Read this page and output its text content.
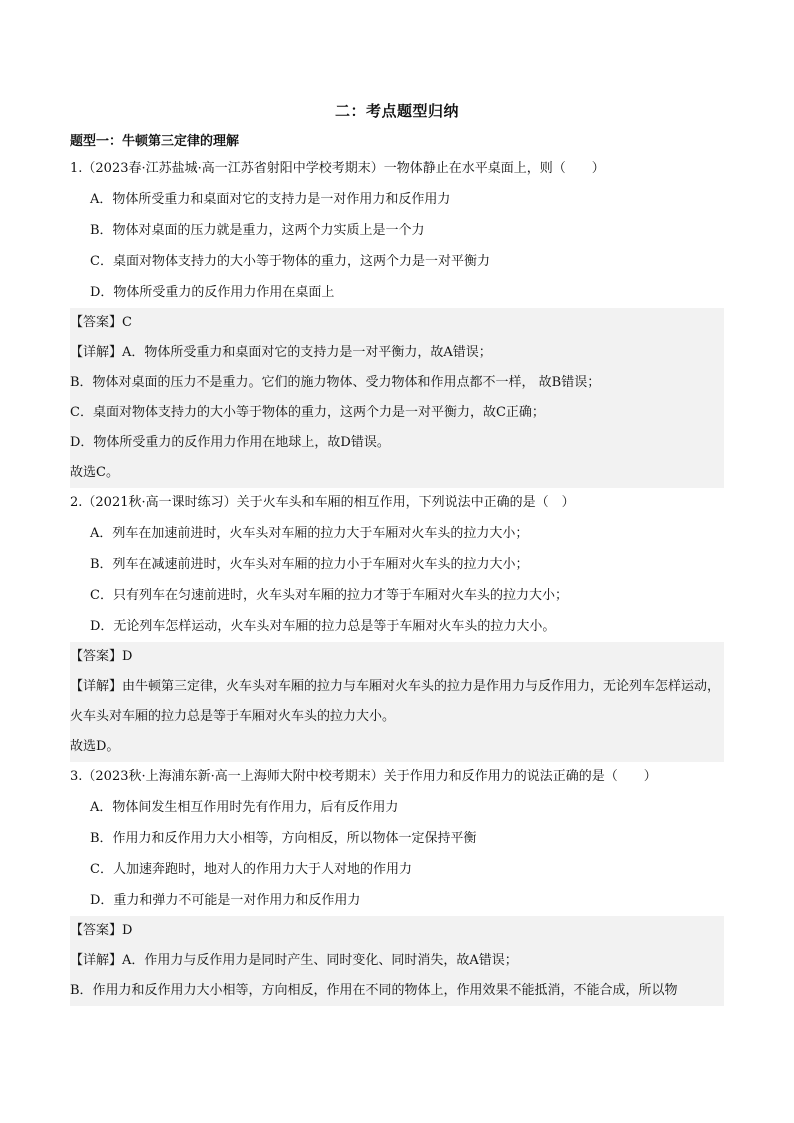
二：考点题型归纳
题型一：牛顿第三定律的理解
1.（2023春·江苏盐城·高一江苏省射阳中学校考期末）一物体静止在水平桌面上，则（　　）
A．物体所受重力和桌面对它的支持力是一对作用力和反作用力
B．物体对桌面的压力就是重力，这两个力实质上是一个力
C．桌面对物体支持力的大小等于物体的重力，这两个力是一对平衡力
D．物体所受重力的反作用力作用在桌面上
【答案】C
【详解】A．物体所受重力和桌面对它的支持力是一对平衡力，故A错误；
B．物体对桌面的压力不是重力。它们的施力物体、受力物体和作用点都不一样， 故B错误；
C．桌面对物体支持力的大小等于物体的重力，这两个力是一对平衡力，故C正确；
D．物体所受重力的反作用力作用在地球上，故D错误。
故选C。
2.（2021秋·高一课时练习）关于火车头和车厢的相互作用，下列说法中正确的是（　）
A．列车在加速前进时，火车头对车厢的拉力大于车厢对火车头的拉力大小；
B．列车在减速前进时，火车头对车厢的拉力小于车厢对火车头的拉力大小；
C．只有列车在匀速前进时，火车头对车厢的拉力才等于车厢对火车头的拉力大小；
D．无论列车怎样运动，火车头对车厢的拉力总是等于车厢对火车头的拉力大小。
【答案】D
【详解】由牛顿第三定律，火车头对车厢的拉力与车厢对火车头的拉力是作用力与反作用力，无论列车怎样运动，火车头对车厢的拉力总是等于车厢对火车头的拉力大小。
故选D。
3.（2023秋·上海浦东新·高一上海师大附中校考期末）关于作用力和反作用力的说法正确的是（　　）
A．物体间发生相互作用时先有作用力，后有反作用力
B．作用力和反作用力大小相等，方向相反，所以物体一定保持平衡
C．人加速奔跑时，地对人的作用力大于人对地的作用力
D．重力和弹力不可能是一对作用力和反作用力
【答案】D
【详解】A．作用力与反作用力是同时产生、同时变化、同时消失，故A错误；
B．作用力和反作用力大小相等，方向相反，作用在不同的物体上，作用效果不能抵消，不能合成，所以物
